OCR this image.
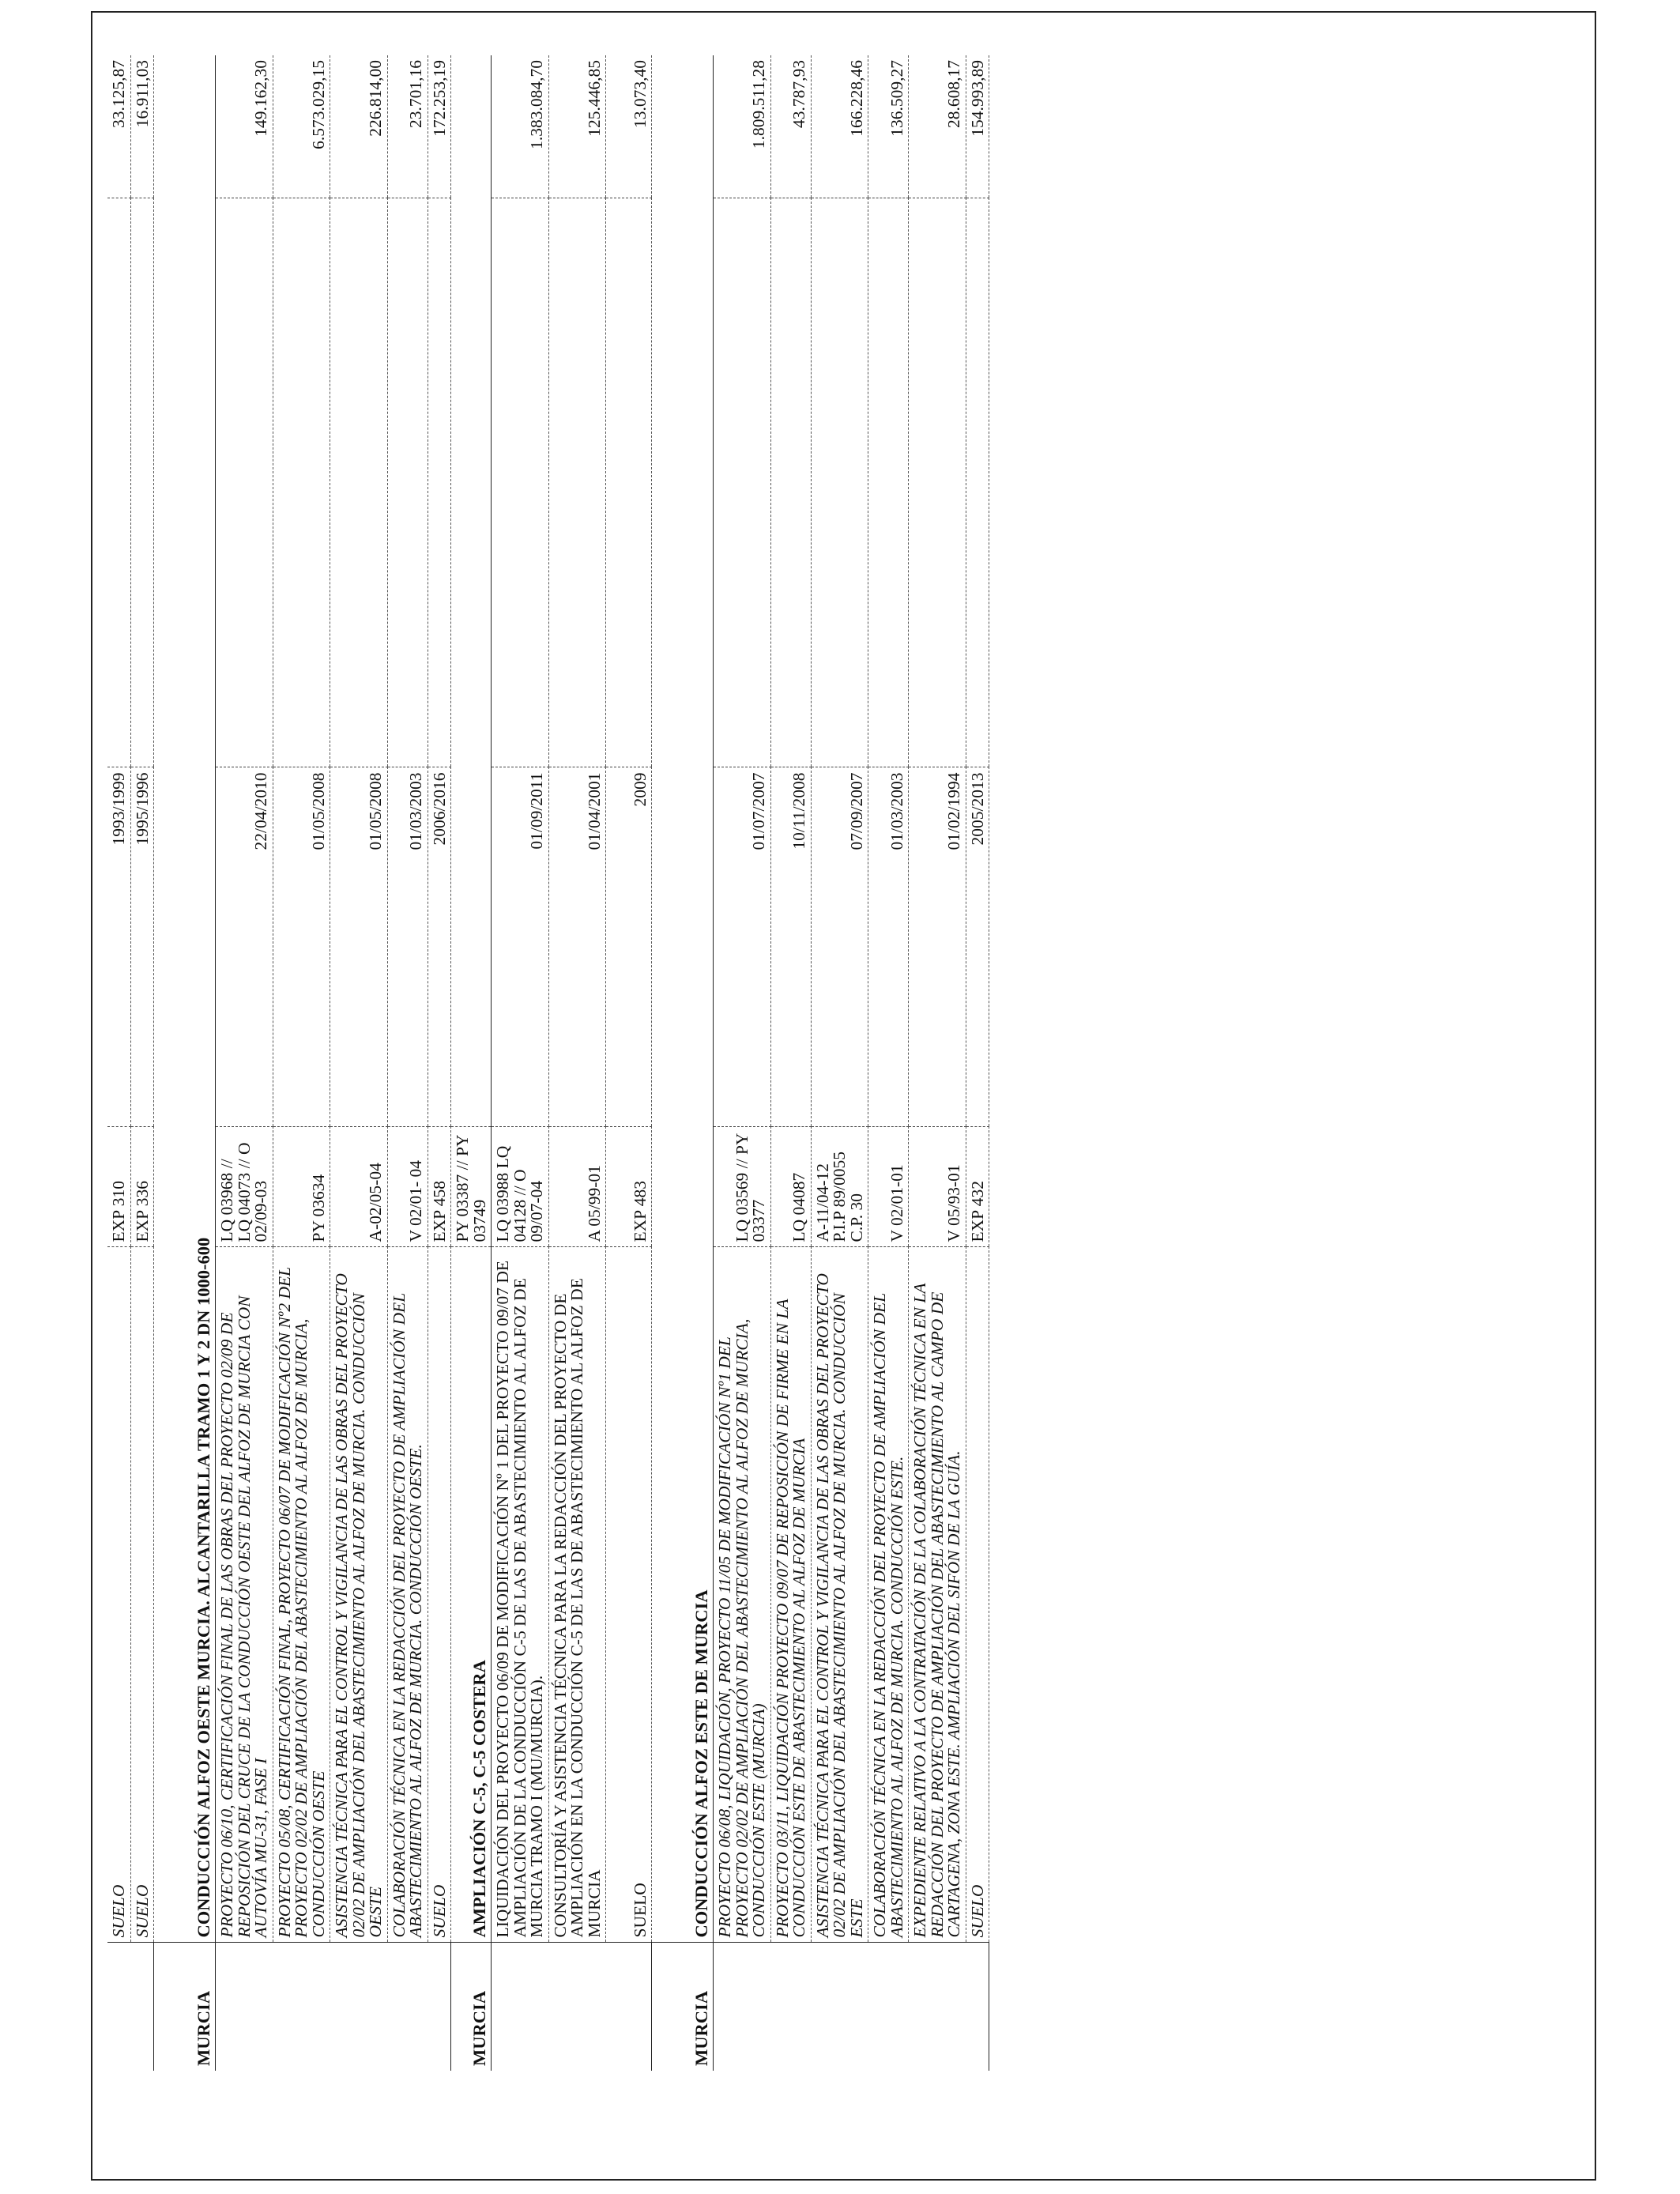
	SUELO	EXP 310	1993/1999		33.125,87
	SUELO	EXP 336	1995/1996		16.911,03
MURCIA	CONDUCCIÓN ALFOZ OESTE MURCIA. ALCANTARILLA TRAMO 1 Y 2 DN 1000-600				
	PROYECTO 06/10, CERTIFICACIÓN FINAL DE LAS OBRAS DEL PROYECTO 02/09 DE REPOSICIÓN DEL CRUCE DE LA CONDUCCIÓN OESTE DEL ALFOZ DE MURCIA CON AUTOVÍA MU-31, FASE I	LQ 03968 // LQ 04073 // O 02/09-03	22/04/2010		149.162,30
	PROYECTO 05/08, CERTIFICACIÓN FINAL, PROYECTO 06/07 DE MODIFICACIÓN Nº2 DEL PROYECTO 02/02 DE AMPLIACIÓN DEL ABASTECIMIENTO AL ALFOZ DE MURCIA, CONDUCCIÓN OESTE	PY 03634	01/05/2008		6.573.029,15
	ASISTENCIA TÉCNICA PARA EL CONTROL Y VIGILANCIA DE LAS OBRAS DEL PROYECTO 02/02 DE AMPLIACIÓN DEL ABASTECIMIENTO AL ALFOZ DE MURCIA. CONDUCCIÓN OESTE	A-02/05-04	01/05/2008		226.814,00
	COLABORACIÓN TÉCNICA EN LA REDACCIÓN DEL PROYECTO DE AMPLIACIÓN DEL ABASTECIMIENTO AL ALFOZ DE MURCIA. CONDUCCIÓN OESTE.	V 02/01- 04	01/03/2003		23.701,16
	SUELO	EXP 458	2006/2016		172.253,19
MURCIA	AMPLIACIÓN C-5, C-5 COSTERA	PY 03387 // PY 03749			
	LIQUIDACIÓN DEL PROYECTO 06/09 DE MODIFICACIÓN Nº 1 DEL PROYECTO 09/07 DE AMPLIACIÓN DE LA CONDUCCIÓN C-5 DE LAS DE ABASTECIMIENTO AL ALFOZ DE MURCIA TRAMO I (MU/MURCIA).	LQ 03988 LQ 04128 // O 09/07-04	01/09/2011		1.383.084,70
	CONSULTORÍA Y ASISTENCIA TÉCNICA PARA LA REDACCIÓN DEL PROYECTO DE AMPLIACIÓN EN LA CONDUCCIÓN C-5 DE LAS DE ABASTECIMIENTO AL ALFOZ DE MURCIA	A 05/99-01	01/04/2001		125.446,85
	SUELO	EXP 483	2009		13.073,40
MURCIA	CONDUCCIÓN ALFOZ ESTE DE MURCIA				
	PROYECTO 06/08, LIQUIDACIÓN, PROYECTO 11/05 DE MODIFICACIÓN Nº1 DEL PROYECTO 02/02 DE AMPLIACIÓN DEL ABASTECIMIENTO AL ALFOZ DE MURCIA, CONDUCCIÓN ESTE (MURCIA)	LQ 03569 // PY 03377	01/07/2007		1.809.511,28
	PROYECTO 03/11, LIQUIDACIÓN PROYECTO 09/07 DE REPOSICIÓN DE FIRME EN LA CONDUCCIÓN ESTE DE ABASTECIMIENTO AL ALFOZ DE MURCIA	LQ 04087	10/11/2008		43.787,93
	ASISTENCIA TÉCNICA PARA EL CONTROL Y VIGILANCIA DE LAS OBRAS DEL PROYECTO 02/02 DE AMPLIACIÓN DEL ABASTECIMIENTO AL ALFOZ DE MURCIA. CONDUCCIÓN ESTE	A-11/04-12 P.I.P 89/0055 C.P. 30	07/09/2007		166.228,46
	COLABORACIÓN TÉCNICA EN LA REDACCIÓN DEL PROYECTO DE AMPLIACIÓN DEL ABASTECIMIENTO AL ALFOZ DE MURCIA. CONDUCCIÓN ESTE.	V 02/01-01	01/03/2003		136.509,27
	EXPEDIENTE RELATIVO A LA CONTRATACIÓN DE LA COLABORACIÓN TÉCNICA EN LA REDACCIÓN DEL PROYECTO DE AMPLIACIÓN DEL ABASTECIMIENTO AL CAMPO DE CARTAGENA, ZONA ESTE. AMPLIACIÓN DEL SIFÓN DE LA GUÍA.	V 05/93-01	01/02/1994		28.608,17
	SUELO	EXP 432	2005/2013		154.993,89
